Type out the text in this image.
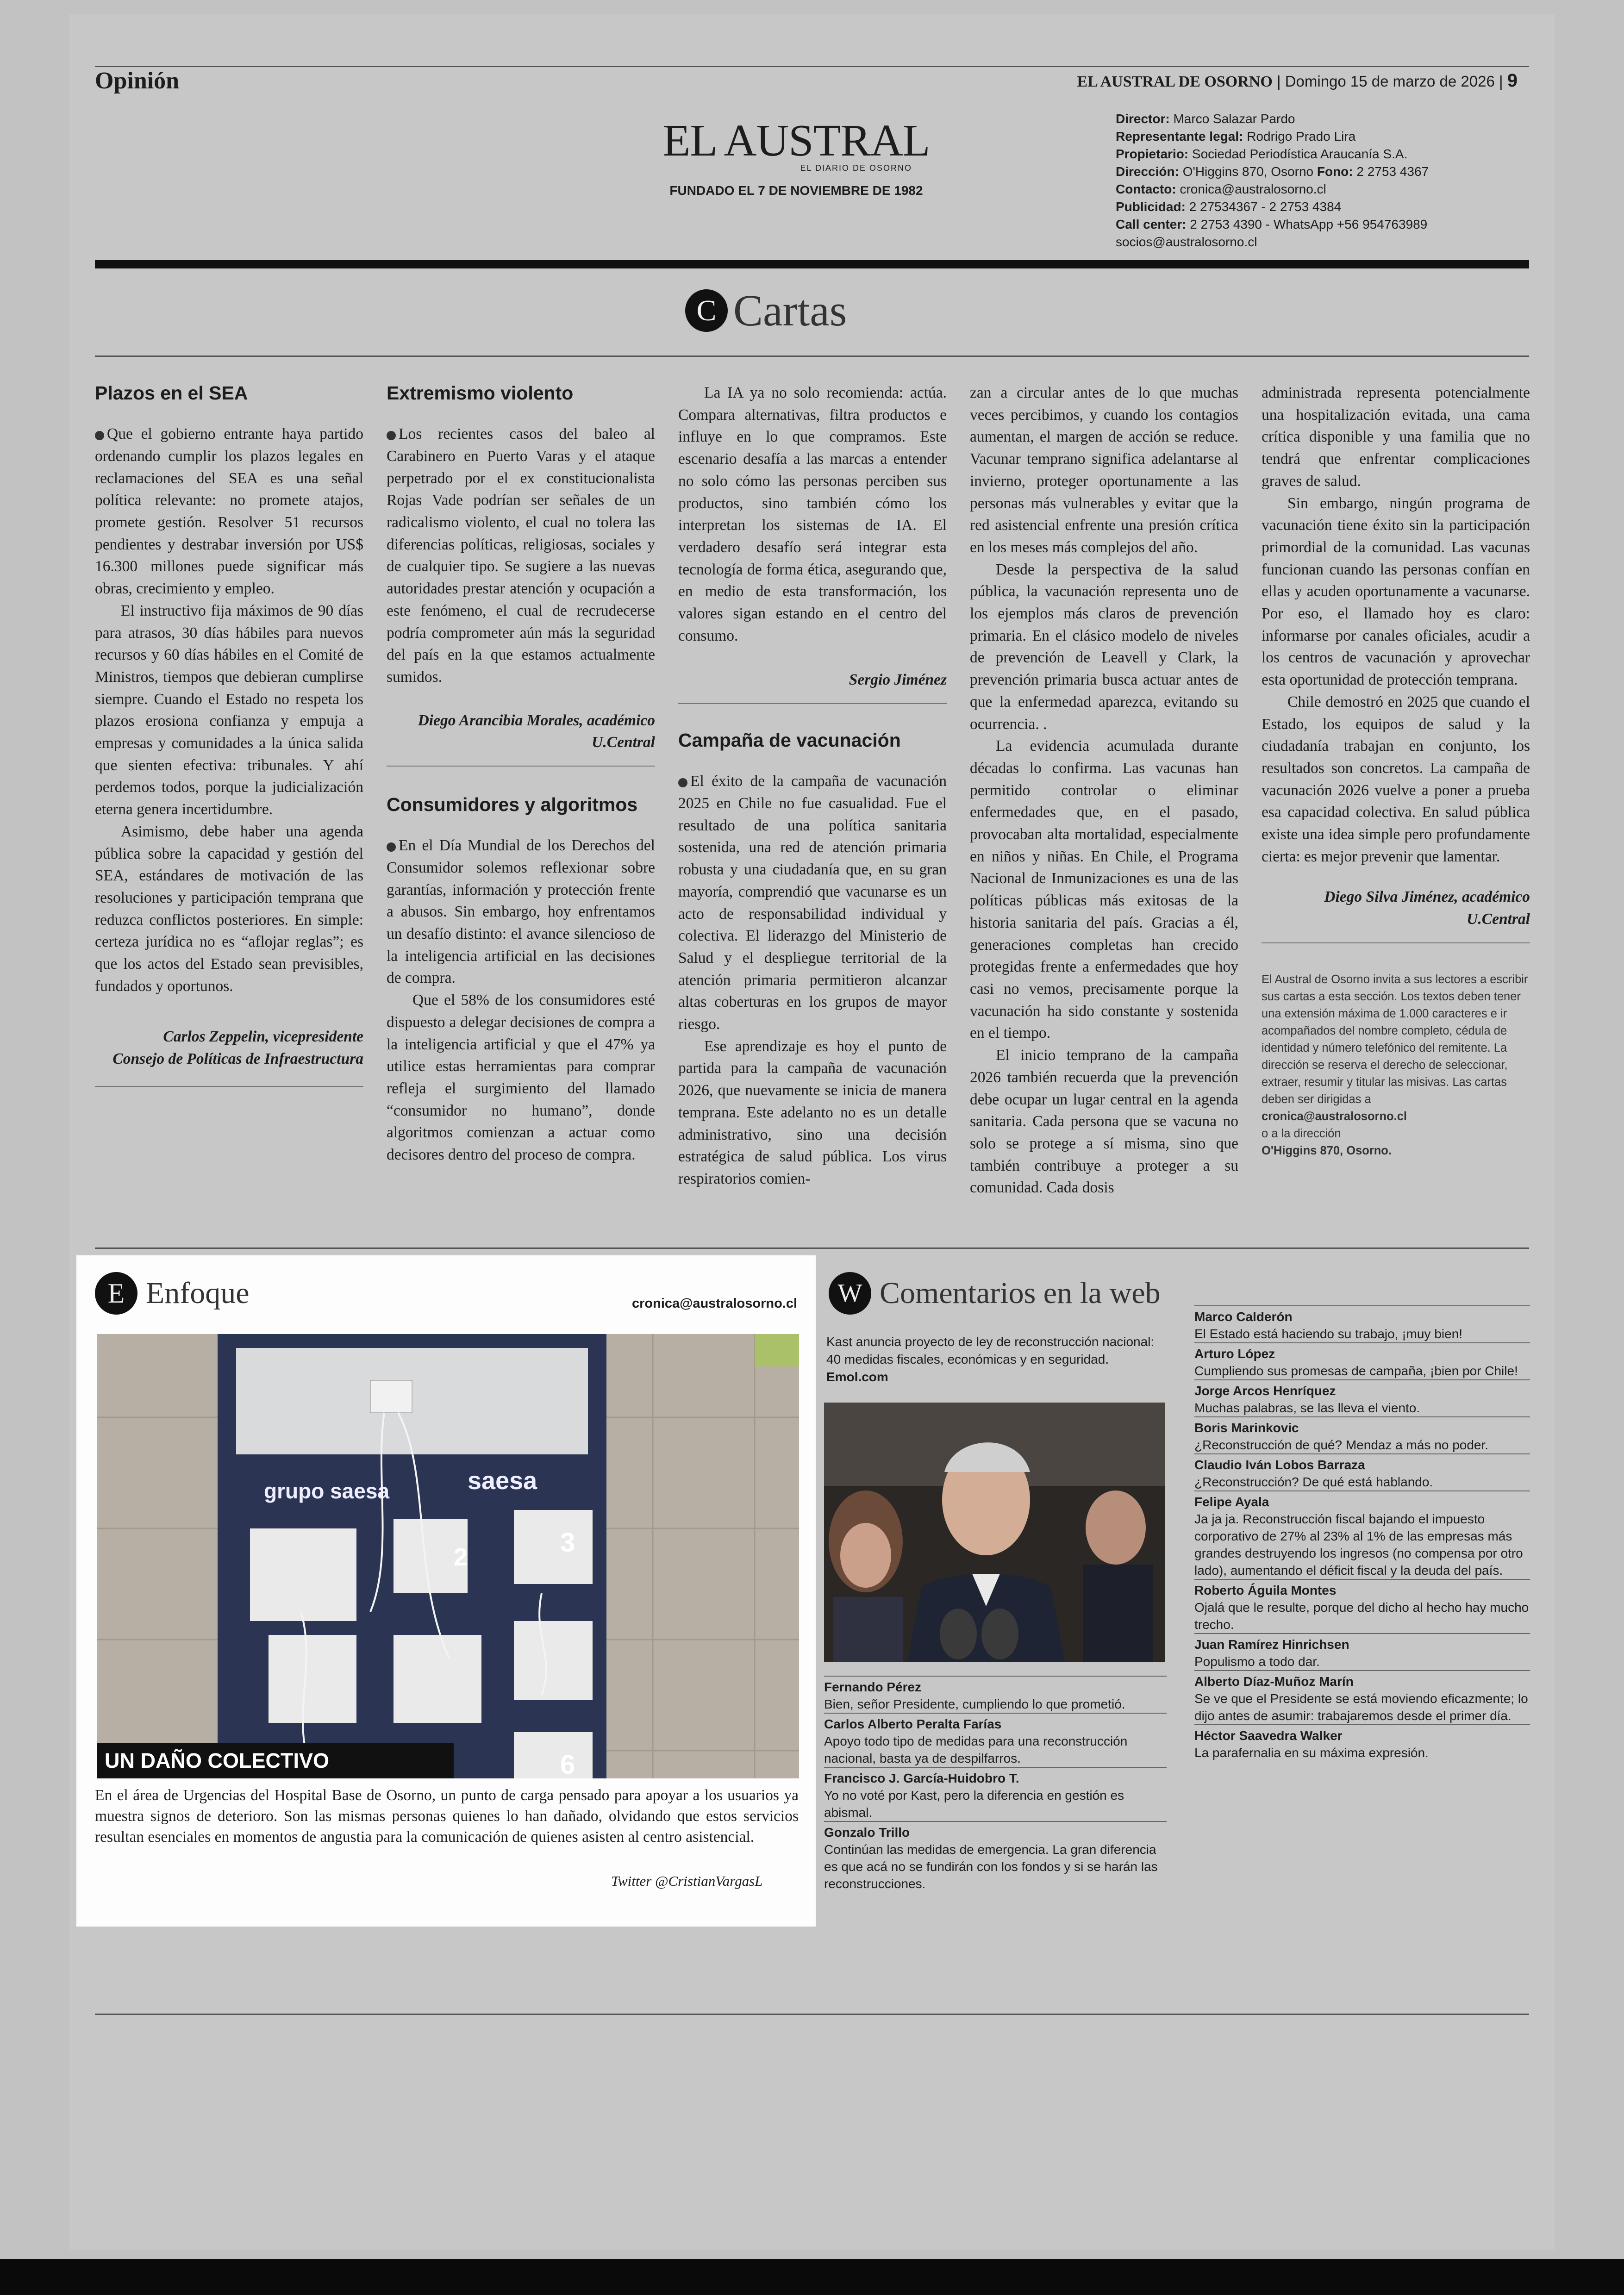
Opinión	EL AUSTRAL DE OSORNO | Domingo 15 de marzo de 2026 | 9
EL AUSTRAL
EL DIARIO DE OSORNO
FUNDADO EL 7 DE NOVIEMBRE DE 1982
Director: Marco Salazar Pardo
Representante legal: Rodrigo Prado Lira
Propietario: Sociedad Periodística Araucanía S.A.
Dirección: O'Higgins 870, Osorno Fono: 2 2753 4367
Contacto: cronica@australosorno.cl
Publicidad: 2 27534367 - 2 2753 4384
Call center: 2 2753 4390 - WhatsApp +56 954763989
socios@australosorno.cl
C Cartas
Plazos en el SEA

Que el gobierno entrante haya partido ordenando cumplir los plazos legales en reclamaciones del SEA es una señal política relevante: no promete atajos, promete gestión. Resolver 51 recursos pendientes y destrabar inversión por US$ 16.300 millones puede significar más obras, crecimiento y empleo.

El instructivo fija máximos de 90 días para atrasos, 30 días hábiles para nuevos recursos y 60 días hábiles en el Comité de Ministros, tiempos que debieran cumplirse siempre. Cuando el Estado no respeta los plazos erosiona confianza y empuja a empresas y comunidades a la única salida que sienten efectiva: tribunales. Y ahí perdemos todos, porque la judicialización eterna genera incertidumbre.

Asimismo, debe haber una agenda pública sobre la capacidad y gestión del SEA, estándares de motivación de las resoluciones y participación temprana que reduzca conflictos posteriores. En simple: certeza jurídica no es “aflojar reglas”; es que los actos del Estado sean previsibles, fundados y oportunos.

Carlos Zeppelin, vicepresidente Consejo de Políticas de Infraestructura

Extremismo violento

Los recientes casos del baleo al Carabinero en Puerto Varas y el ataque perpetrado por el ex constitucionalista Rojas Vade podrían ser señales de un radicalismo violento, el cual no tolera las diferencias políticas, religiosas, sociales y de cualquier tipo. Se sugiere a las nuevas autoridades prestar atención y ocupación a este fenómeno, el cual de recrudecerse podría comprometer aún más la seguridad del país en la que estamos actualmente sumidos.

Diego Arancibia Morales, académico U.Central

Consumidores y algoritmos

En el Día Mundial de los Derechos del Consumidor solemos reflexionar sobre garantías, información y protección frente a abusos. Sin embargo, hoy enfrentamos un desafío distinto: el avance silencioso de la inteligencia artificial en las decisiones de compra.

Que el 58% de los consumidores esté dispuesto a delegar decisiones de compra a la inteligencia artificial y que el 47% ya utilice estas herramientas para comprar refleja el surgimiento del llamado “consumidor no humano”, donde algoritmos comienzan a actuar como decisores dentro del proceso de compra.

La IA ya no solo recomienda: actúa. Compara alternativas, filtra productos e influye en lo que compramos. Este escenario desafía a las marcas a entender no solo cómo las personas perciben sus productos, sino también cómo los interpretan los sistemas de IA. El verdadero desafío será integrar esta tecnología de forma ética, asegurando que, en medio de esta transformación, los valores sigan estando en el centro del consumo.

Sergio Jiménez

Campaña de vacunación

El éxito de la campaña de vacunación 2025 en Chile no fue casualidad. Fue el resultado de una política sanitaria sostenida, una red de atención primaria robusta y una ciudadanía que, en su gran mayoría, comprendió que vacunarse es un acto de responsabilidad individual y colectiva. El liderazgo del Ministerio de Salud y el despliegue territorial de la atención primaria permitieron alcanzar altas coberturas en los grupos de mayor riesgo.

Ese aprendizaje es hoy el punto de partida para la campaña de vacunación 2026, que nuevamente se inicia de manera temprana. Este adelanto no es un detalle administrativo, sino una decisión estratégica de salud pública. Los virus respiratorios comien-

zan a circular antes de lo que muchas veces percibimos, y cuando los contagios aumentan, el margen de acción se reduce. Vacunar temprano significa adelantarse al invierno, proteger oportunamente a las personas más vulnerables y evitar que la red asistencial enfrente una presión crítica en los meses más complejos del año.

Desde la perspectiva de la salud pública, la vacunación representa uno de los ejemplos más claros de prevención primaria. En el clásico modelo de niveles de prevención de Leavell y Clark, la prevención primaria busca actuar antes de que la enfermedad aparezca, evitando su ocurrencia. .

La evidencia acumulada durante décadas lo confirma. Las vacunas han permitido controlar o eliminar enfermedades que, en el pasado, provocaban alta mortalidad, especialmente en niños y niñas. En Chile, el Programa Nacional de Inmunizaciones es una de las políticas públicas más exitosas de la historia sanitaria del país. Gracias a él, generaciones completas han crecido protegidas frente a enfermedades que hoy casi no vemos, precisamente porque la vacunación ha sido constante y sostenida en el tiempo.

El inicio temprano de la campaña 2026 también recuerda que la prevención debe ocupar un lugar central en la agenda sanitaria. Cada persona que se vacuna no solo se protege a sí misma, sino que también contribuye a proteger a su comunidad. Cada dosis

administrada representa potencialmente una hospitalización evitada, una cama crítica disponible y una familia que no tendrá que enfrentar complicaciones graves de salud.

Sin embargo, ningún programa de vacunación tiene éxito sin la participación primordial de la comunidad. Las vacunas funcionan cuando las personas confían en ellas y acuden oportunamente a vacunarse. Por eso, el llamado hoy es claro: informarse por canales oficiales, acudir a los centros de vacunación y aprovechar esta oportunidad de protección temprana.

Chile demostró en 2025 que cuando el Estado, los equipos de salud y la ciudadanía trabajan en conjunto, los resultados son concretos. La campaña de vacunación 2026 vuelve a poner a prueba esa capacidad colectiva. En salud pública existe una idea simple pero profundamente cierta: es mejor prevenir que lamentar.

Diego Silva Jiménez, académico U.Central

El Austral de Osorno invita a sus lectores a escribir sus cartas a esta sección. Los textos deben tener una extensión máxima de 1.000 caracteres e ir acompañados del nombre completo, cédula de identidad y número telefónico del remitente. La dirección se reserva el derecho de seleccionar, extraer, resumir y titular las misivas. Las cartas deben ser dirigidas a
cronica@australosorno.cl
o a la dirección
O'Higgins 870, Osorno.
E Enfoque	cronica@australosorno.cl
grupo saesa	saesa
2	3
6
UN DAÑO COLECTIVO
En el área de Urgencias del Hospital Base de Osorno, un punto de carga pensado para apoyar a los usuarios ya muestra signos de deterioro. Son las mismas personas quienes lo han dañado, olvidando que estos servicios resultan esenciales en momentos de angustia para la comunicación de quienes asisten al centro asistencial.
Twitter @CristianVargasL
W Comentarios en la web
Kast anuncia proyecto de ley de reconstrucción nacional: 40 medidas fiscales, económicas y en seguridad. Emol.com
Fernando Pérez
Bien, señor Presidente, cumpliendo lo que prometió.
Carlos Alberto Peralta Farías
Apoyo todo tipo de medidas para una reconstrucción nacional, basta ya de despilfarros.
Francisco J. García-Huidobro T.
Yo no voté por Kast, pero la diferencia en gestión es abismal.
Gonzalo Trillo
Continúan las medidas de emergencia. La gran diferencia es que acá no se fundirán con los fondos y si se harán las reconstrucciones.
Marco Calderón
El Estado está haciendo su trabajo, ¡muy bien!
Arturo López
Cumpliendo sus promesas de campaña, ¡bien por Chile!
Jorge Arcos Henríquez
Muchas palabras, se las lleva el viento.
Boris Marinkovic
¿Reconstrucción de qué? Mendaz a más no poder.
Claudio Iván Lobos Barraza
¿Reconstrucción? De qué está hablando.
Felipe Ayala
Ja ja ja. Reconstrucción fiscal bajando el impuesto corporativo de 27% al 23% al 1% de las empresas más grandes destruyendo los ingresos (no compensa por otro lado), aumentando el déficit fiscal y la deuda del país.
Roberto Águila Montes
Ojalá que le resulte, porque del dicho al hecho hay mucho trecho.
Juan Ramírez Hinrichsen
Populismo a todo dar.
Alberto Díaz-Muñoz Marín
Se ve que el Presidente se está moviendo eficazmente; lo dijo antes de asumir: trabajaremos desde el primer día.
Héctor Saavedra Walker
La parafernalia en su máxima expresión.
